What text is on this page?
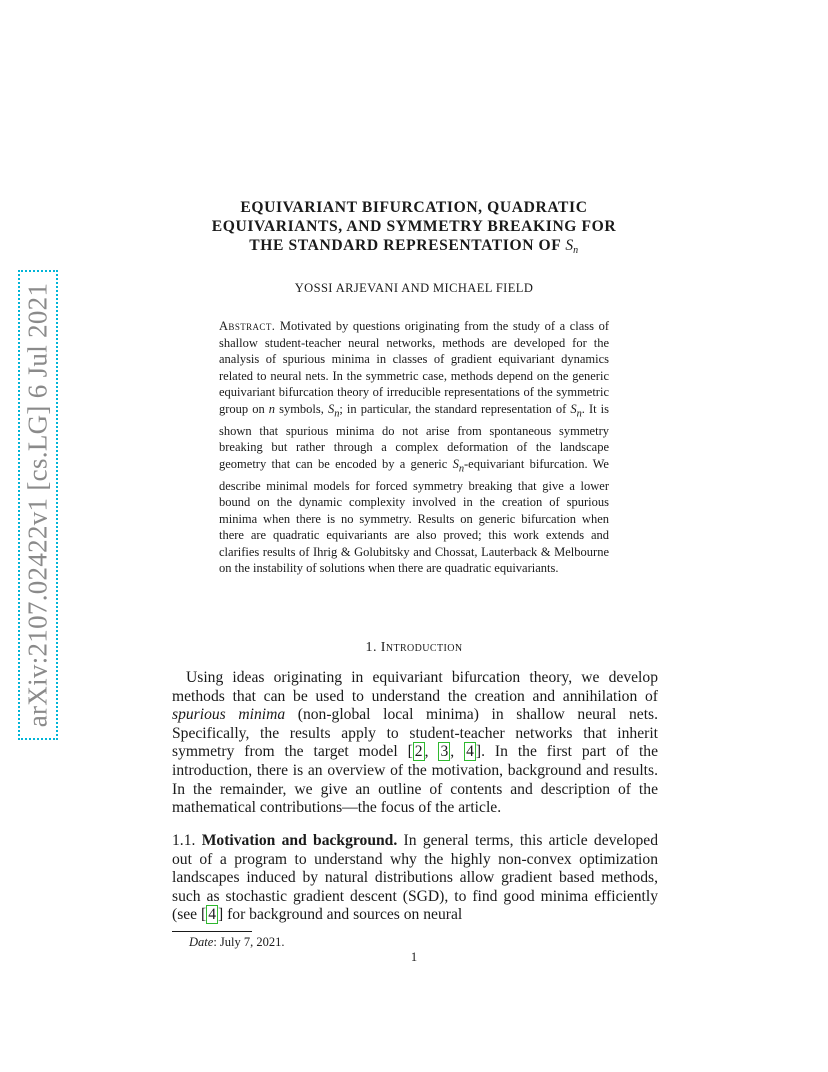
arXiv:2107.02422v1 [cs.LG] 6 Jul 2021
EQUIVARIANT BIFURCATION, QUADRATIC
EQUIVARIANTS, AND SYMMETRY BREAKING FOR
THE STANDARD REPRESENTATION OF $S_n$
YOSSI ARJEVANI AND MICHAEL FIELD
Abstract. Motivated by questions originating from the study of a class of shallow student-teacher neural networks, methods are developed for the analysis of spurious minima in classes of gradient equivariant dynamics related to neural nets. In the symmetric case, methods depend on the generic equivariant bifurcation theory of irreducible representations of the symmetric group on n symbols, $S_n$; in particular, the standard representation of $S_n$. It is shown that spurious minima do not arise from spontaneous symmetry breaking but rather through a complex deformation of the landscape geometry that can be encoded by a generic $S_n$-equivariant bifurcation. We describe minimal models for forced symmetry breaking that give a lower bound on the dynamic complexity involved in the creation of spurious minima when there is no symmetry. Results on generic bifurcation when there are quadratic equivariants are also proved; this work extends and clarifies results of Ihrig & Golubitsky and Chossat, Lauterback & Melbourne on the instability of solutions when there are quadratic equivariants.
1. Introduction
Using ideas originating in equivariant bifurcation theory, we develop methods that can be used to understand the creation and annihilation of spurious minima (non-global local minima) in shallow neural nets. Specifically, the results apply to student-teacher networks that inherit symmetry from the target model [ 2 , 3 , 4 ]. In the first part of the introduction, there is an overview of the motivation, background and results. In the remainder, we give an outline of contents and description of the mathematical contributions—the focus of the article.
1.1. Motivation and background. In general terms, this article developed out of a program to understand why the highly non-convex optimization landscapes induced by natural distributions allow gradient based methods, such as stochastic gradient descent (SGD), to find good minima efficiently (see [ 4 ] for background and sources on neural
Date: July 7, 2021.
1
